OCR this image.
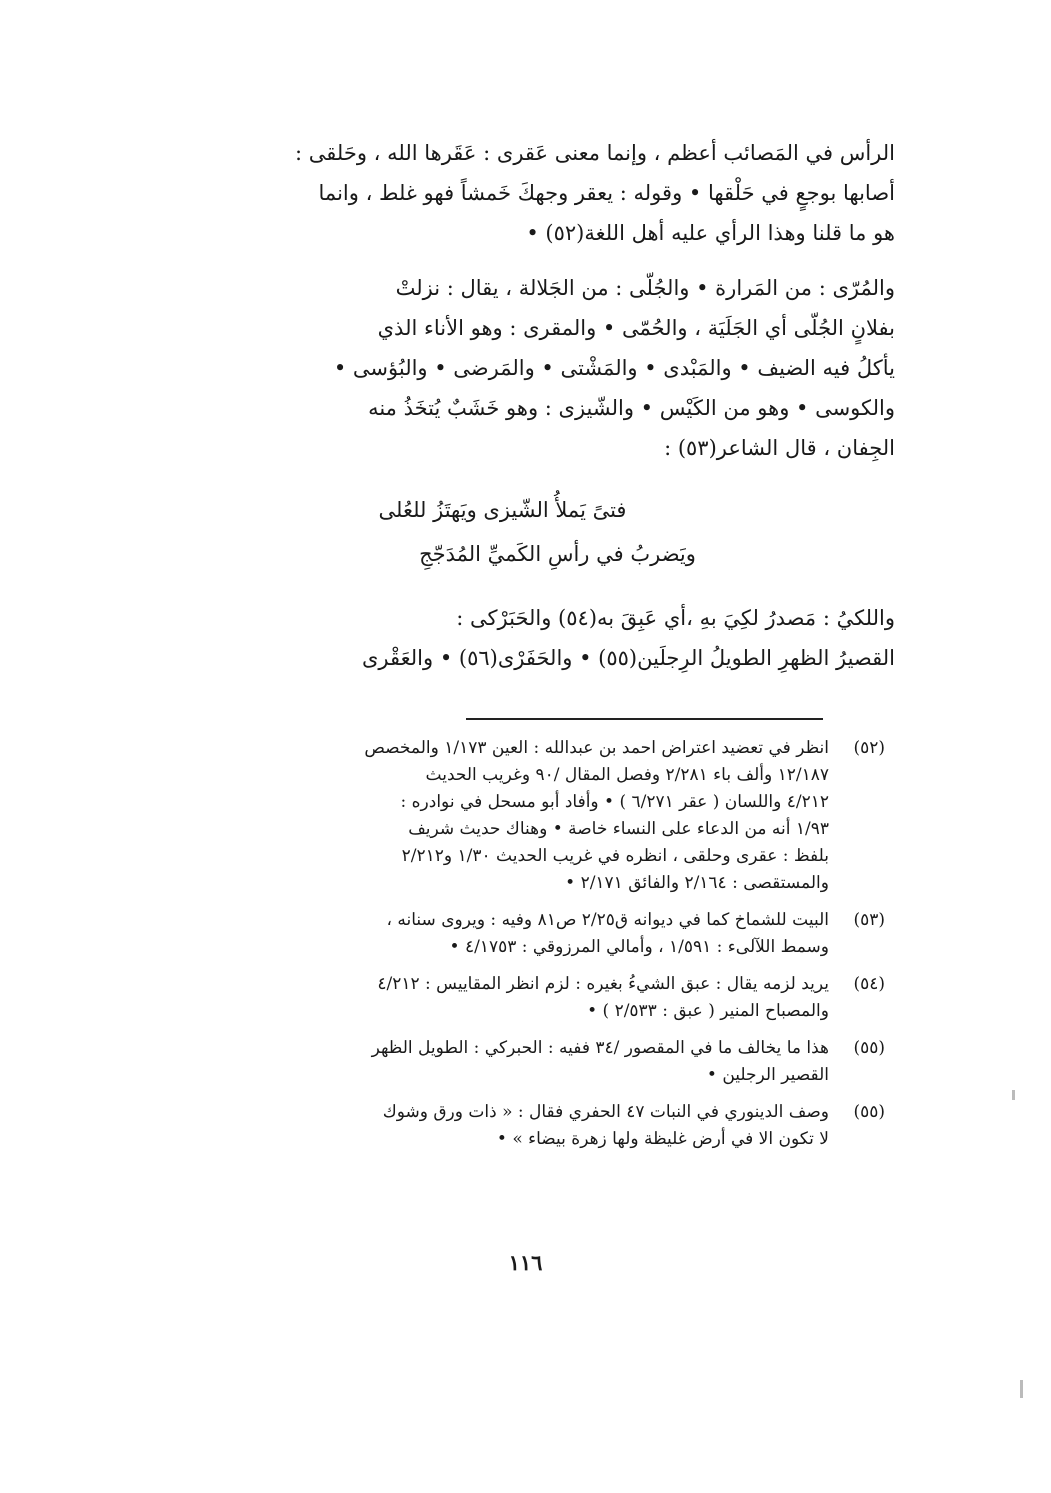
الرأس في المَصائب أعظم ، وإنما معنى عَقرى : عَقَرها الله ، وحَلقى :
أصابها بوجعٍ في حَلْقها • وقوله : يعقر وجهكَ خَمشاً فهو غلط ، وانما
هو ما قلنا وهذا الرأي عليه أهل اللغة(٥٢) •
والمُرّى : من المَرارة • والجُلّى : من الجَلالة ، يقال : نزلتْ
بفلانٍ الجُلّى أي الجَلَيَة ، والحُمّى • والمقرى : وهو الأناء الذي
يأكلُ فيه الضيف • والمَبْدى • والمَشْتى • والمَرضى • والبُؤسى •
والكوسى • وهو من الكَيْس • والشّيزى : وهو خَشَبٌ يُتخَذُ منه
الجِفان ، قال الشاعر(٥٣) :
فتىً يَملأُ الشّيزى ويَهتَزُ للعُلى
ويَضربُ في رأسِ الكَميِّ المُدَجّجِ
واللكيُ : مَصدرُ لكِيَ بهِ ،أي عَبِقَ به(٥٤) والحَبَرْكى :
القصيرُ الظهرِ الطويلُ الرِجلَين(٥٥) • والحَفَرْى(٥٦) • والعَقْرى
(٥٢)
انظر في تعضيد اعتراض احمد بن عبدالله : العين ١/١٧٣ والمخصص
١٢/١٨٧ وألف باء ٢/٢٨١ وفصل المقال /٩٠ وغريب الحديث
٤/٢١٢ واللسان ( عقر ٦/٢٧١ ) • وأفاد أبو مسحل في نوادره :
١/٩٣ أنه من الدعاء على النساء خاصة • وهناك حديث شريف
بلفظ : عقرى وحلقى ، انظره في غريب الحديث ١/٣٠ و٢/٢١٢
والمستقصى : ٢/١٦٤ والفائق ٢/١٧١ •
(٥٣)
البيت للشماخ كما في ديوانه ق٢/٢٥ ص٨١ وفيه : ويروى سنانه ،
وسمط اللآلىء : ١/٥٩١ ، وأمالي المرزوقي : ٤/١٧٥٣ •
(٥٤)
يريد لزمه يقال : عبق الشيءُ بغيره : لزم انظر المقاييس : ٤/٢١٢
والمصباح المنير ( عبق : ٢/٥٣٣ ) •
(٥٥)
هذا ما يخالف ما في المقصور /٣٤ ففيه : الحبركي : الطويل الظهر
القصير الرجلين •
(٥٥)
وصف الدينوري في النبات ٤٧ الحفري فقال : « ذات ورق وشوك
لا تكون الا في أرض غليظة ولها زهرة بيضاء » •
١١٦
